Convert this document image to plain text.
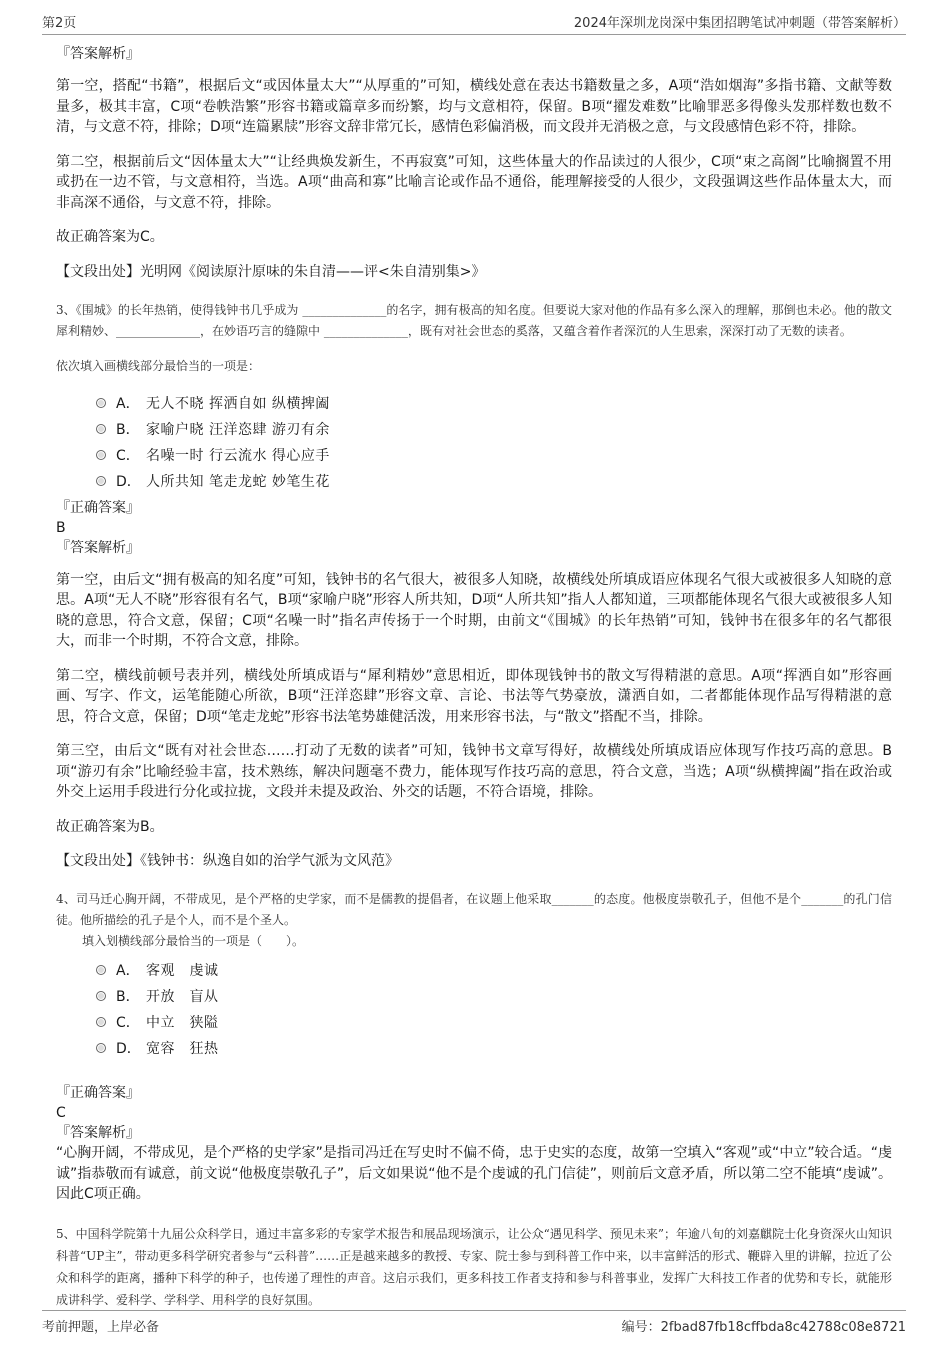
第2页	2024年深圳龙岗深中集团招聘笔试冲刺题（带答案解析）

『答案解析』

第一空，搭配“书籍”，根据后文“或因体量太大”“从厚重的”可知，横线处意在表达书籍数量之多，A项“浩如烟海”多指书籍、文献等数量多，极其丰富，C项“卷帙浩繁”形容书籍或篇章多而纷繁，均与文意相符，保留。B项“擢发难数”比喻罪恶多得像头发那样数也数不清，与文意不符，排除；D项“连篇累牍”形容文辞非常冗长，感情色彩偏消极，而文段并无消极之意，与文段感情色彩不符，排除。

第二空，根据前后文“因体量太大”“让经典焕发新生，不再寂寞”可知，这些体量大的作品读过的人很少，C项“束之高阁”比喻搁置不用或扔在一边不管，与文意相符，当选。A项“曲高和寡”比喻言论或作品不通俗，能理解接受的人很少，文段强调这些作品体量太大，而非高深不通俗，与文意不符，排除。

故正确答案为C。

【文段出处】光明网《阅读原汁原味的朱自清——评<朱自清别集>》

3、《围城》的长年热销，使得钱钟书几乎成为 ______________的名字，拥有极高的知名度。但要说大家对他的作品有多么深入的理解，那倒也未必。他的散文犀利精妙、______________，在妙语巧言的缝隙中 ______________，既有对社会世态的奚落，又蕴含着作者深沉的人生思索，深深打动了无数的读者。

依次填入画横线部分最恰当的一项是：

A． 无人不晓 挥洒自如 纵横捭阖
B． 家喻户晓 汪洋恣肆 游刃有余
C． 名噪一时 行云流水 得心应手
D． 人所共知 笔走龙蛇 妙笔生花

『正确答案』

B

『答案解析』

第一空，由后文“拥有极高的知名度”可知，钱钟书的名气很大，被很多人知晓，故横线处所填成语应体现名气很大或被很多人知晓的意思。A项“无人不晓”形容很有名气，B项“家喻户晓”形容人所共知，D项“人所共知”指人人都知道，三项都能体现名气很大或被很多人知晓的意思，符合文意，保留；C项“名噪一时”指名声传扬于一个时期，由前文“《围城》的长年热销”可知，钱钟书在很多年的名气都很大，而非一个时期，不符合文意，排除。

第二空，横线前顿号表并列，横线处所填成语与“犀利精妙”意思相近，即体现钱钟书的散文写得精湛的意思。A项“挥洒自如”形容画画、写字、作文，运笔能随心所欲，B项“汪洋恣肆”形容文章、言论、书法等气势豪放，潇洒自如，二者都能体现作品写得精湛的意思，符合文意，保留；D项“笔走龙蛇”形容书法笔势雄健活泼，用来形容书法，与“散文”搭配不当，排除。

第三空，由后文“既有对社会世态……打动了无数的读者”可知，钱钟书文章写得好，故横线处所填成语应体现写作技巧高的意思。B项“游刃有余”比喻经验丰富，技术熟练，解决问题毫不费力，能体现写作技巧高的意思，符合文意，当选；A项“纵横捭阖”指在政治或外交上运用手段进行分化或拉拢，文段并未提及政治、外交的话题，不符合语境，排除。

故正确答案为B。

【文段出处】《钱钟书：纵逸自如的治学气派为文风范》

4、司马迁心胸开阔，不带成见，是个严格的史学家，而不是儒教的提倡者，在议题上他采取_______的态度。他极度崇敬孔子，但他不是个_______的孔门信徒。他所描绘的孔子是个人，而不是个圣人。

填入划横线部分最恰当的一项是（　　）。

A． 客观　虔诚
B． 开放　盲从
C． 中立　狭隘
D． 宽容　狂热

『正确答案』

C

『答案解析』

“心胸开阔，不带成见，是个严格的史学家”是指司冯迁在写史时不偏不倚，忠于史实的态度，故第一空填入“客观”或“中立”较合适。“虔诚”指恭敬而有诚意，前文说“他极度崇敬孔子”，后文如果说“他不是个虔诚的孔门信徒”，则前后文意矛盾，所以第二空不能填“虔诚”。因此C项正确。

5、中国科学院第十九届公众科学日，通过丰富多彩的专家学术报告和展品现场演示，让公众“遇见科学、预见未来”；年逾八旬的刘嘉麒院士化身资深火山知识科普“UP主”，带动更多科学研究者参与“云科普”……正是越来越多的教授、专家、院士参与到科普工作中来，以丰富鲜活的形式、鞭辟入里的讲解，拉近了公众和科学的距离，播种下科学的种子，也传递了理性的声音。这启示我们，更多科技工作者支持和参与科普事业，发挥广大科技工作者的优势和专长，就能形成讲科学、爱科学、学科学、用科学的良好氛围。

考前押题，上岸必备	编号：2fbad87fb18cffbda8c42788c08e8721
